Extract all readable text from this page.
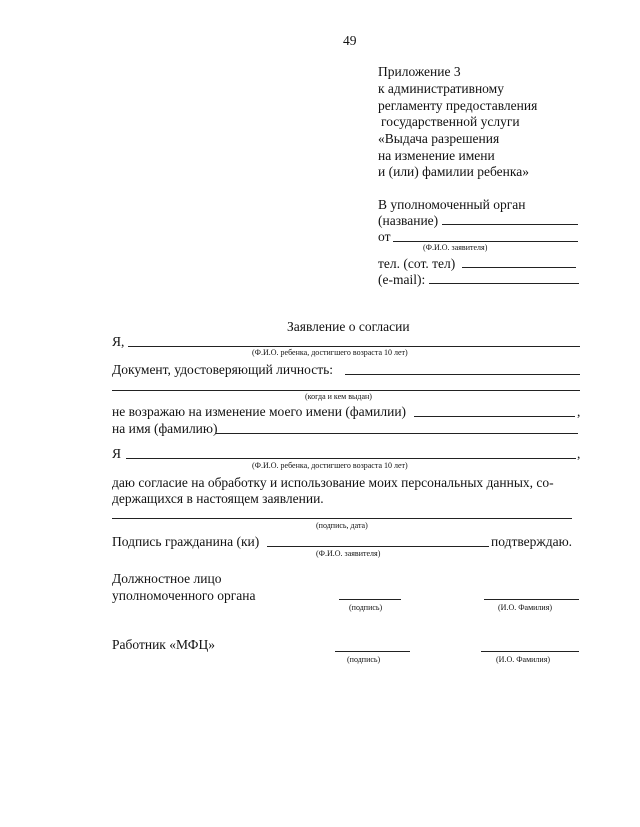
49
Приложение 3
к административному
регламенту предоставления
государственной услуги
«Выдача разрешения
на изменение имени
и (или) фамилии ребенка»
В уполномоченный орган
(название)
от
(Ф.И.О. заявителя)
тел. (сот. тел)
(e-mail):
Заявление о согласии
Я,
(Ф.И.О. ребенка, достигшего возраста 10 лет)
Документ, удостоверяющий личность:
(когда и кем выдан)
не возражаю на изменение моего имени (фамилии)	,
на имя (фамилию)
Я	,
(Ф.И.О. ребенка, достигшего возраста 10 лет)
даю согласие на обработку и использование моих персональных данных, со-
держащихся в настоящем заявлении.
(подпись, дата)
Подпись гражданина (ки)	подтверждаю.
(Ф.И.О. заявителя)
Должностное лицо
уполномоченного органа
(подпись)	(И.О. Фамилия)
Работник «МФЦ»
(подпись)	(И.О. Фамилия)
